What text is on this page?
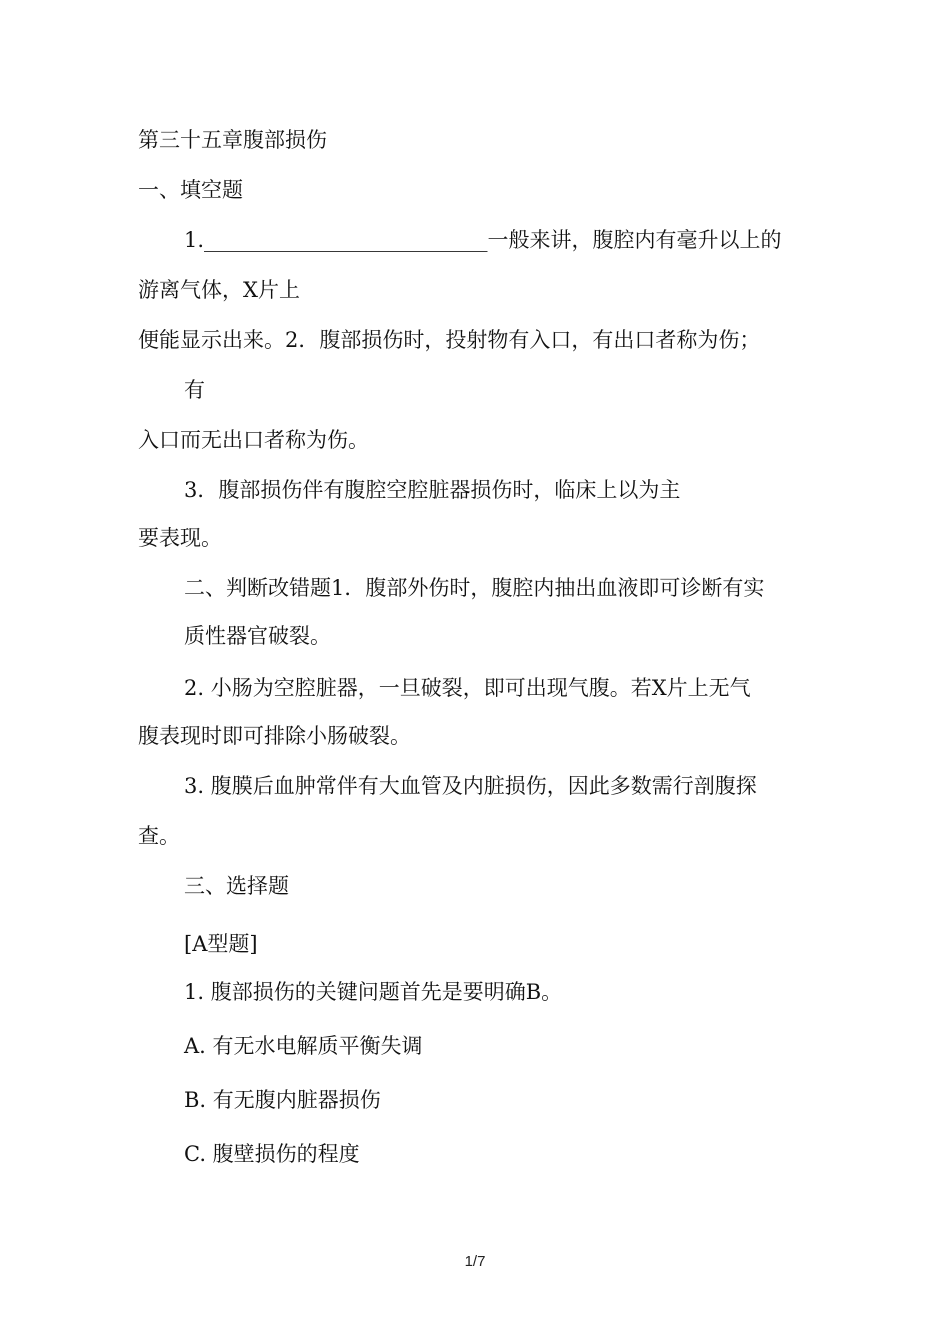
第三十五章腹部损伤
一、填空题
1.___________________________一般来讲，腹腔内有毫升以上的
游离气体，X片上
便能显示出来。2．腹部损伤时，投射物有入口，有出口者称为伤；
有
入口而无出口者称为伤。
3．腹部损伤伴有腹腔空腔脏器损伤时，临床上以为主
要表现。
二、判断改错题1．腹部外伤时，腹腔内抽出血液即可诊断有实
质性器官破裂。
2. 小肠为空腔脏器，一旦破裂，即可出现气腹。若X片上无气
腹表现时即可排除小肠破裂。
3. 腹膜后血肿常伴有大血管及内脏损伤，因此多数需行剖腹探
查。
三、选择题
[A型题]
1. 腹部损伤的关键问题首先是要明确B。
A. 有无水电解质平衡失调
B. 有无腹内脏器损伤
C. 腹壁损伤的程度
1/7
